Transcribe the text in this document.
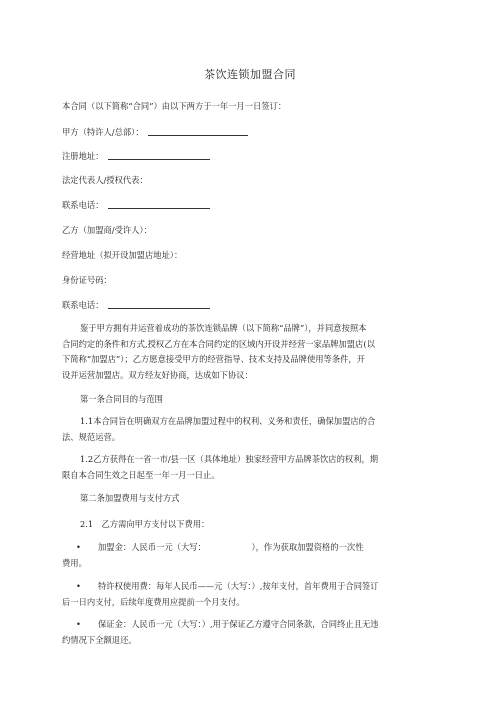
茶饮连锁加盟合同
本合同（以下简称“合同”）由以下两方于一年一月一日签订：
甲方（特许人/总部）：
注册地址：
法定代表人/授权代表：
联系电话：
乙方（加盟商/受许人）：
经营地址（拟开设加盟店地址）：
身份证号码：
联系电话：
鉴于甲方拥有并运营着成功的茶饮连锁品牌（以下简称“品牌”），并同意按照本
合同约定的条件和方式,授权乙方在本合同约定的区域内开设并经营一家品牌加盟店(以
下简称“加盟店”）；乙方愿意接受甲方的经营指导、技术支持及品牌使用等条件，开
设并运营加盟店。双方经友好协商，达成如下协议：
第一条合同目的与范围
1.1本合同旨在明确双方在品牌加盟过程中的权利、义务和责任，确保加盟店的合
法、规范运营。
1.2乙方获得在一省一市/县一区（具体地址）独家经营甲方品牌茶饮店的权利，期
限自本合同生效之日起至一年一月一日止。
第二条加盟费用与支付方式
2.1　乙方需向甲方支付以下费用：
• 加盟金：人民币一元（大写：　　　　　　），作为获取加盟资格的一次性
费用。
• 特许权使用费：每年人民币——元（大写：）,按年支付，首年费用于合同签订
后一日内支付，后续年度费用应提前一个月支付。
• 保证金：人民币一元（大写：）,用于保证乙方遵守合同条款，合同终止且无违
约情况下全额退还。
